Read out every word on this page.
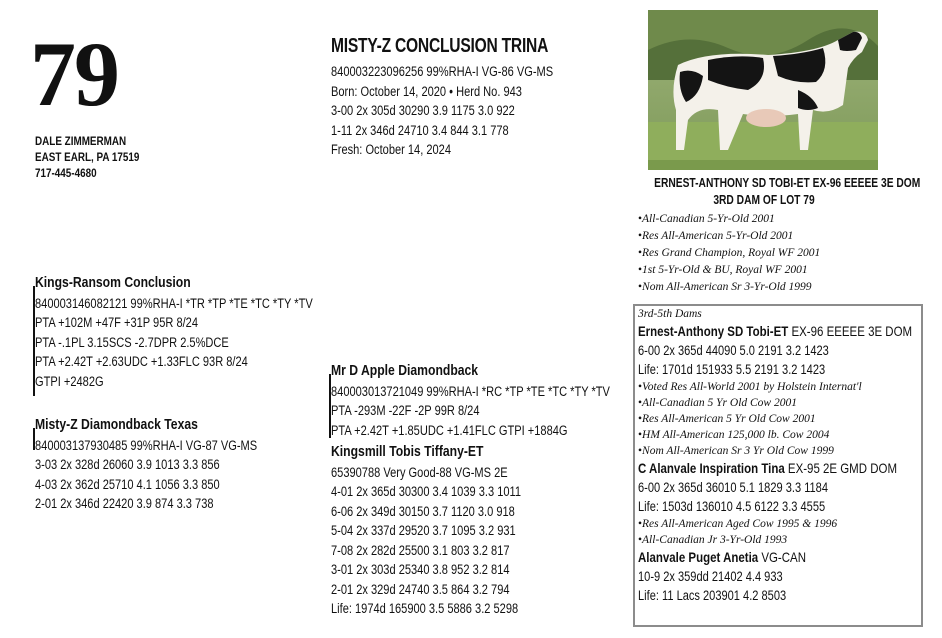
79
DALE ZIMMERMAN
EAST EARL, PA 17519
717-445-4680
MISTY-Z CONCLUSION TRINA
840003223096256 99%RHA-I VG-86 VG-MS
Born: October 14, 2020 • Herd No. 943
3-00 2x 305d 30290 3.9 1175 3.0 922
1-11 2x 346d 24710 3.4 844 3.1 778
Fresh: October 14, 2024
ERNEST-ANTHONY SD TOBI-ET EX-96 EEEEE 3E DOM
3RD DAM OF LOT 79
• All-Canadian 5-Yr-Old 2001
• Res All-American 5-Yr-Old 2001
• Res Grand Champion, Royal WF 2001
• 1st 5-Yr-Old & BU, Royal WF 2001
• Nom All-American Sr 3-Yr-Old 1999
Kings-Ransom Conclusion
840003146082121 99%RHA-I *TR *TP *TE *TC *TY *TV
PTA +102M +47F +31P 95R 8/24
PTA -.1PL 3.15SCS -2.7DPR 2.5%DCE
PTA +2.42T +2.63UDC +1.33FLC 93R 8/24
GTPI +2482G
Misty-Z Diamondback Texas
840003137930485 99%RHA-I VG-87 VG-MS
3-03 2x 328d 26060 3.9 1013 3.3 856
4-03 2x 362d 25710 4.1 1056 3.3 850
2-01 2x 346d 22420 3.9 874 3.3 738
Mr D Apple Diamondback
840003013721049 99%RHA-I *RC *TP *TE *TC *TY *TV
PTA -293M -22F -2P 99R 8/24
PTA +2.42T +1.85UDC +1.41FLC GTPI +1884G
Kingsmill Tobis Tiffany-ET
65390788 Very Good-88 VG-MS 2E
4-01 2x 365d 30300 3.4 1039 3.3 1011
6-06 2x 349d 30150 3.7 1120 3.0 918
5-04 2x 337d 29520 3.7 1095 3.2 931
7-08 2x 282d 25500 3.1 803 3.2 817
3-01 2x 303d 25340 3.8 952 3.2 814
2-01 2x 329d 24740 3.5 864 3.2 794
Life: 1974d 165900 3.5 5886 3.2 5298
3rd-5th Dams
Ernest-Anthony SD Tobi-ET EX-96 EEEEE 3E DOM
6-00 2x 365d 44090 5.0 2191 3.2 1423
Life: 1701d 151933 5.5 2191 3.2 1423
• Voted Res All-World 2001 by Holstein Internat'l
• All-Canadian 5 Yr Old Cow 2001
• Res All-American 5 Yr Old Cow 2001
• HM All-American 125,000 lb. Cow 2004
• Nom All-American Sr 3 Yr Old Cow 1999
C Alanvale Inspiration Tina EX-95 2E GMD DOM
6-00 2x 365d 36010 5.1 1829 3.3 1184
Life: 1503d 136010 4.5 6122 3.3 4555
• Res All-American Aged Cow 1995 & 1996
• All-Canadian Jr 3-Yr-Old 1993
Alanvale Puget Anetia VG-CAN
10-9 2x 359dd 21402 4.4 933
Life: 11 Lacs 203901 4.2 8503
